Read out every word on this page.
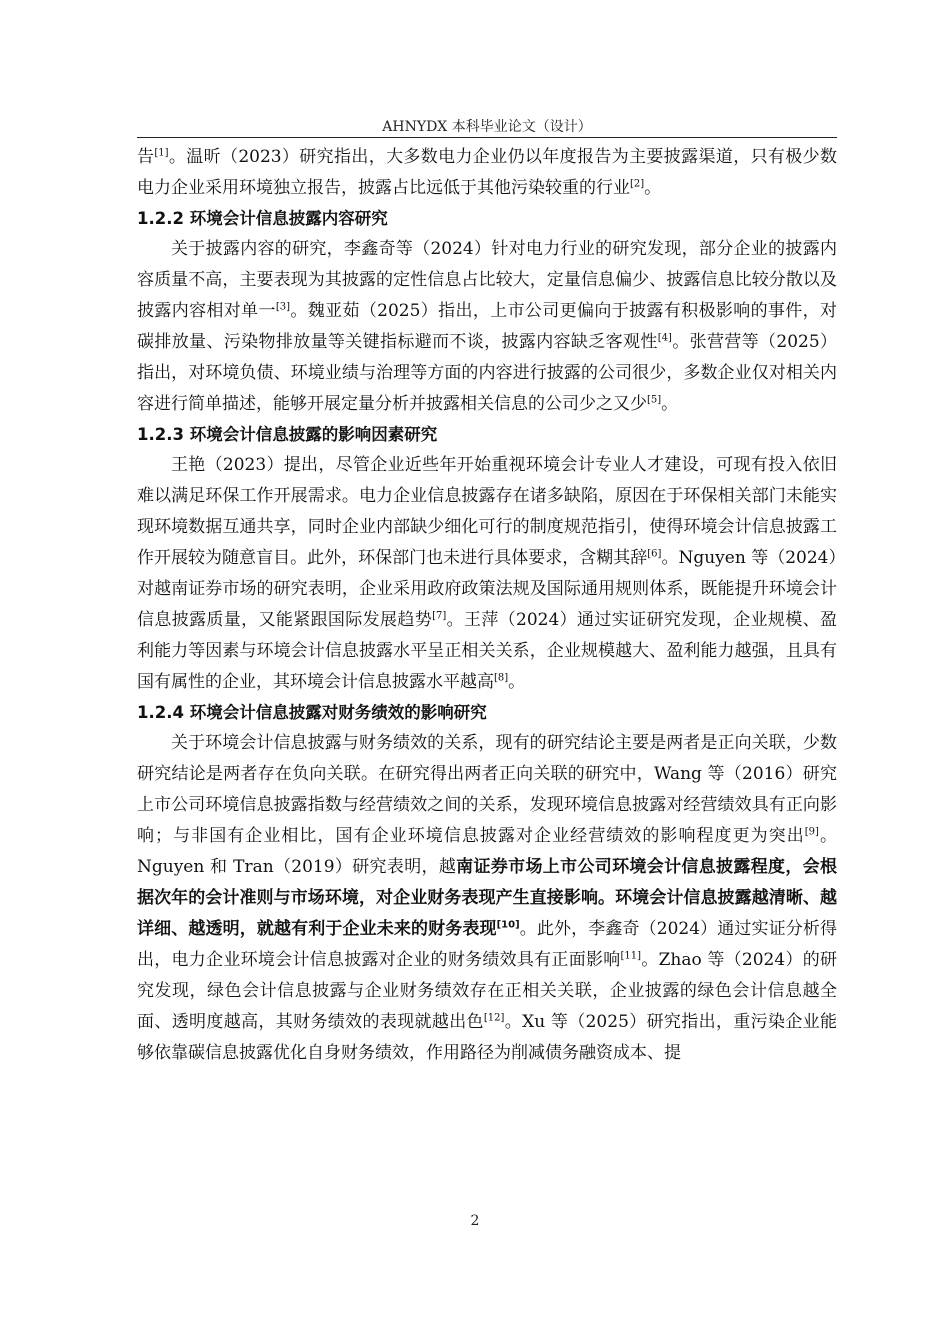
AHNYDX 本科毕业论文（设计）

告[1]。温昕（2023）研究指出，大多数电力企业仍以年度报告为主要披露渠道，只有极少数电力企业采用环境独立报告，披露占比远低于其他污染较重的行业[2]。

1.2.2 环境会计信息披露内容研究

关于披露内容的研究，李鑫奇等（2024）针对电力行业的研究发现，部分企业的披露内容质量不高，主要表现为其披露的定性信息占比较大，定量信息偏少、披露信息比较分散以及披露内容相对单一[3]。魏亚茹（2025）指出，上市公司更偏向于披露有积极影响的事件，对碳排放量、污染物排放量等关键指标避而不谈，披露内容缺乏客观性[4]。张营营等（2025）指出，对环境负债、环境业绩与治理等方面的内容进行披露的公司很少，多数企业仅对相关内容进行简单描述，能够开展定量分析并披露相关信息的公司少之又少[5]。

1.2.3 环境会计信息披露的影响因素研究

王艳（2023）提出，尽管企业近些年开始重视环境会计专业人才建设，可现有投入依旧难以满足环保工作开展需求。电力企业信息披露存在诸多缺陷，原因在于环保相关部门未能实现环境数据互通共享，同时企业内部缺少细化可行的制度规范指引，使得环境会计信息披露工作开展较为随意盲目。此外，环保部门也未进行具体要求，含糊其辞[6]。Nguyen 等（2024）对越南证券市场的研究表明，企业采用政府政策法规及国际通用规则体系，既能提升环境会计信息披露质量，又能紧跟国际发展趋势[7]。王萍（2024）通过实证研究发现，企业规模、盈利能力等因素与环境会计信息披露水平呈正相关关系，企业规模越大、盈利能力越强，且具有国有属性的企业，其环境会计信息披露水平越高[8]。

1.2.4 环境会计信息披露对财务绩效的影响研究

关于环境会计信息披露与财务绩效的关系，现有的研究结论主要是两者是正向关联，少数研究结论是两者存在负向关联。在研究得出两者正向关联的研究中，Wang 等（2016）研究上市公司环境信息披露指数与经营绩效之间的关系，发现环境信息披露对经营绩效具有正向影响；与非国有企业相比，国有企业环境信息披露对企业经营绩效的影响程度更为突出[9]。Nguyen 和 Tran（2019）研究表明，越南证券市场上市公司环境会计信息披露程度，会根据次年的会计准则与市场环境，对企业财务表现产生直接影响。环境会计信息披露越清晰、越详细、越透明，就越有利于企业未来的财务表现[10]。此外，李鑫奇（2024）通过实证分析得出，电力企业环境会计信息披露对企业的财务绩效具有正面影响[11]。Zhao 等（2024）的研究发现，绿色会计信息披露与企业财务绩效存在正相关关联，企业披露的绿色会计信息越全面、透明度越高，其财务绩效的表现就越出色[12]。Xu 等（2025）研究指出，重污染企业能够依靠碳信息披露优化自身财务绩效，作用路径为削减债务融资成本、提

2
